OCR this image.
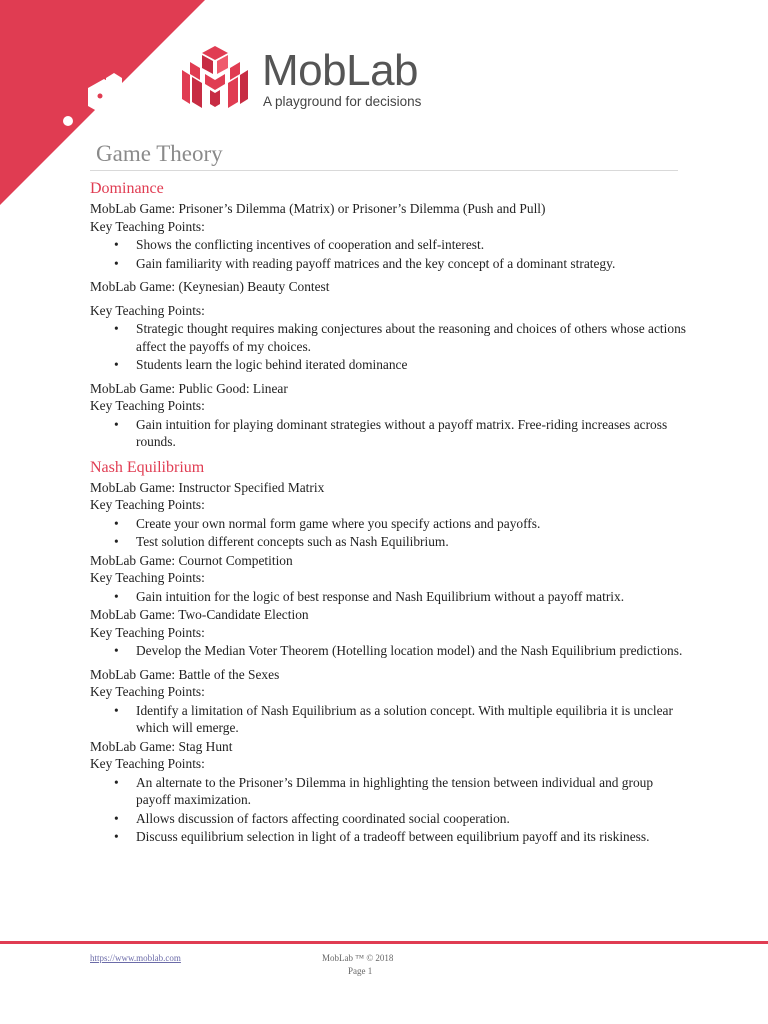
MobLab
A playground for decisions
Game Theory
Dominance

MobLab Game: Prisoner’s Dilemma (Matrix) or Prisoner’s Dilemma (Push and Pull)

Key Teaching Points:

• Shows the conflicting incentives of cooperation and self-interest.
• Gain familiarity with reading payoff matrices and the key concept of a dominant strategy.

MobLab Game: (Keynesian) Beauty Contest

Key Teaching Points:

• Strategic thought requires making conjectures about the reasoning and choices of others whose actions affect the payoffs of my choices.
• Students learn the logic behind iterated dominance

MobLab Game: Public Good: Linear

Key Teaching Points:

• Gain intuition for playing dominant strategies without a payoff matrix. Free-riding increases across rounds.
Nash Equilibrium

MobLab Game: Instructor Specified Matrix

Key Teaching Points:

• Create your own normal form game where you specify actions and payoffs.
• Test solution different concepts such as Nash Equilibrium.

MobLab Game: Cournot Competition

Key Teaching Points:

• Gain intuition for the logic of best response and Nash Equilibrium without a payoff matrix.

MobLab Game: Two-Candidate Election

Key Teaching Points:

• Develop the Median Voter Theorem (Hotelling location model) and the Nash Equilibrium predictions.

MobLab Game: Battle of the Sexes

Key Teaching Points:

• Identify a limitation of Nash Equilibrium as a solution concept. With multiple equilibria it is unclear which will emerge.

MobLab Game: Stag Hunt

Key Teaching Points:

• An alternate to the Prisoner’s Dilemma in highlighting the tension between individual and group payoff maximization.
• Allows discussion of factors affecting coordinated social cooperation.
• Discuss equilibrium selection in light of a tradeoff between equilibrium payoff and its riskiness.
https://www.moblab.com	MobLab ™ © 2018
Page 1
